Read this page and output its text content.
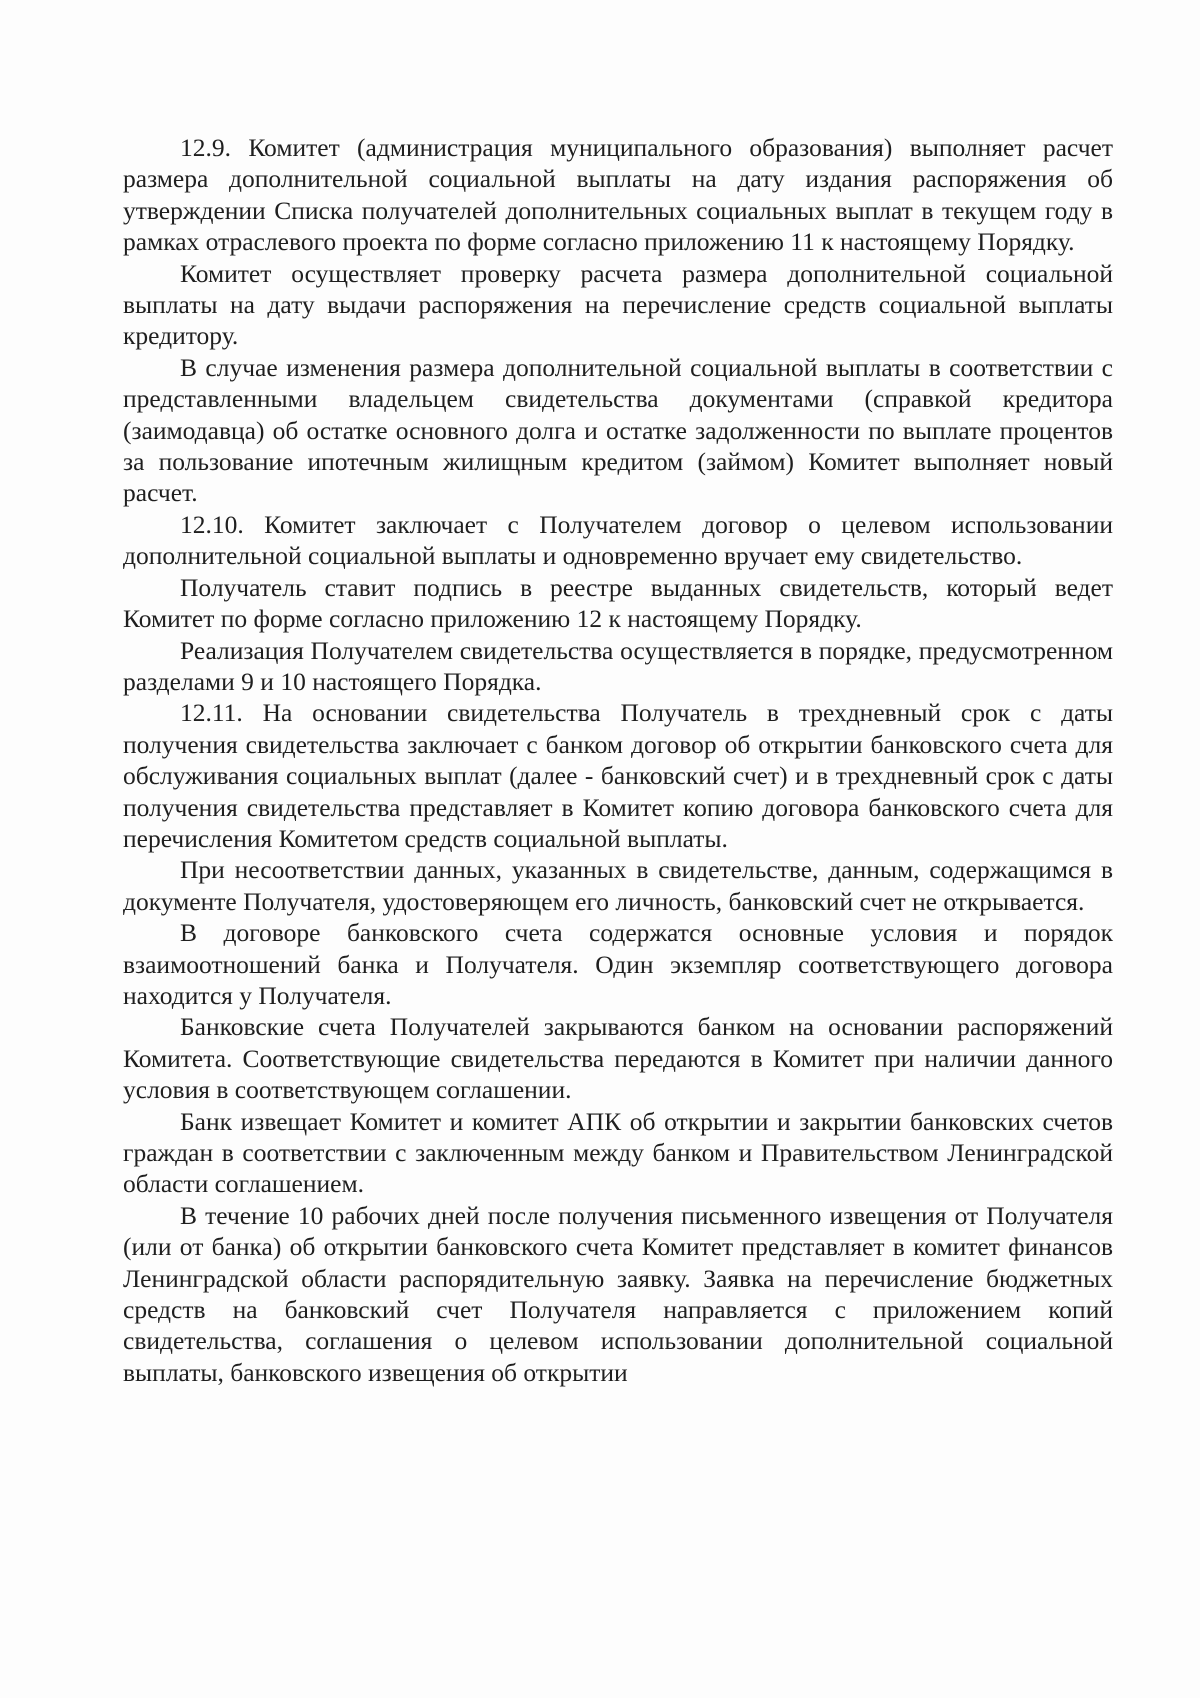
12.9. Комитет (администрация муниципального образования) выполняет расчет размера дополнительной социальной выплаты на дату издания распоряжения об утверждении Списка получателей дополнительных социальных выплат в текущем году в рамках отраслевого проекта по форме согласно приложению 11 к настоящему Порядку.

Комитет осуществляет проверку расчета размера дополнительной социальной выплаты на дату выдачи распоряжения на перечисление средств социальной выплаты кредитору.

В случае изменения размера дополнительной социальной выплаты в соответствии с представленными владельцем свидетельства документами (справкой кредитора (заимодавца) об остатке основного долга и остатке задолженности по выплате процентов за пользование ипотечным жилищным кредитом (займом) Комитет выполняет новый расчет.

12.10. Комитет заключает с Получателем договор о целевом использовании дополнительной социальной выплаты и одновременно вручает ему свидетельство.

Получатель ставит подпись в реестре выданных свидетельств, который ведет Комитет по форме согласно приложению 12 к настоящему Порядку.

Реализация Получателем свидетельства осуществляется в порядке, предусмотренном разделами 9 и 10 настоящего Порядка.

12.11. На основании свидетельства Получатель в трехдневный срок с даты получения свидетельства заключает с банком договор об открытии банковского счета для обслуживания социальных выплат (далее - банковский счет) и в трехдневный срок с даты получения свидетельства представляет в Комитет копию договора банковского счета для перечисления Комитетом средств социальной выплаты.

При несоответствии данных, указанных в свидетельстве, данным, содержащимся в документе Получателя, удостоверяющем его личность, банковский счет не открывается.

В договоре банковского счета содержатся основные условия и порядок взаимоотношений банка и Получателя. Один экземпляр соответствующего договора находится у Получателя.

Банковские счета Получателей закрываются банком на основании распоряжений Комитета. Соответствующие свидетельства передаются в Комитет при наличии данного условия в соответствующем соглашении.

Банк извещает Комитет и комитет АПК об открытии и закрытии банковских счетов граждан в соответствии с заключенным между банком и Правительством Ленинградской области соглашением.

В течение 10 рабочих дней после получения письменного извещения от Получателя (или от банка) об открытии банковского счета Комитет представляет в комитет финансов Ленинградской области распорядительную заявку. Заявка на перечисление бюджетных средств на банковский счет Получателя направляется с приложением копий свидетельства, соглашения о целевом использовании дополнительной социальной выплаты, банковского извещения об открытии
